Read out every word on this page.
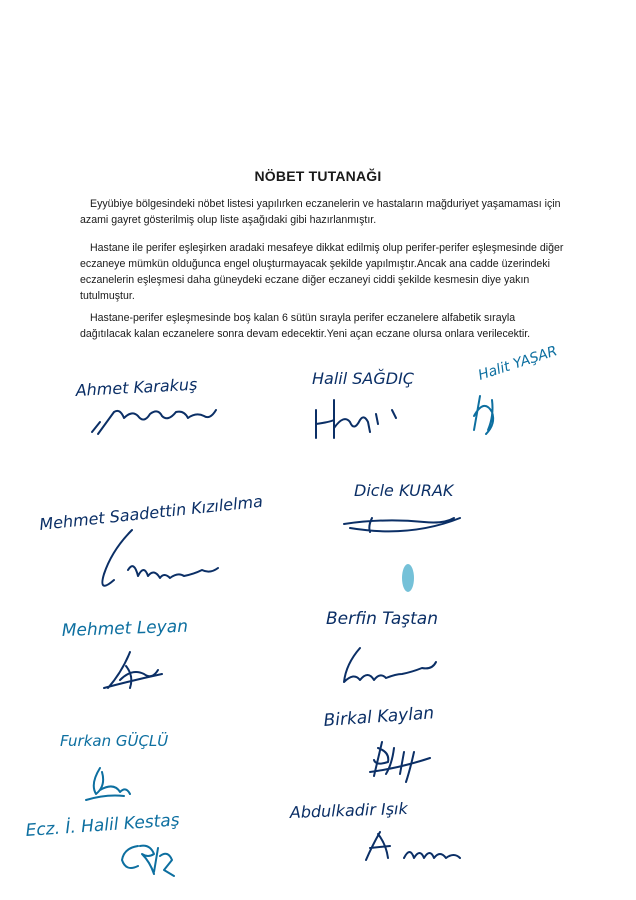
NÖBET TUTANAĞI

Eyyübiye bölgesindeki nöbet listesi yapılırken eczanelerin ve hastaların mağduriyet yaşamaması için azami gayret gösterilmiş olup liste aşağıdaki gibi hazırlanmıştır.

Hastane ile perifer eşleşirken aradaki mesafeye dikkat edilmiş olup perifer-perifer eşleşmesinde diğer eczaneye mümkün olduğunca engel oluşturmayacak şekilde yapılmıştır.Ancak ana cadde üzerindeki eczanelerin eşleşmesi daha güneydeki eczane diğer eczaneyi ciddi şekilde kesmesin diye yakın tutulmuştur.

Hastane-perifer eşleşmesinde boş kalan 6 sütün sırayla perifer eczanelere alfabetik sırayla dağıtılacak kalan eczanelere sonra devam edecektir.Yeni açan eczane olursa onlara verilecektir.

Ahmet Karakuş	Halil SAĞDIÇ	Halit YAŞAR
Mehmet Saadettin Kızılelma
Dicle KURAK
Mehmet Leyan	Berfin Taştan
Furkan GÜÇLÜ
Birkal Kaylan
Ecz. İ. Halil Kestaş	Abdulkadir Işık
